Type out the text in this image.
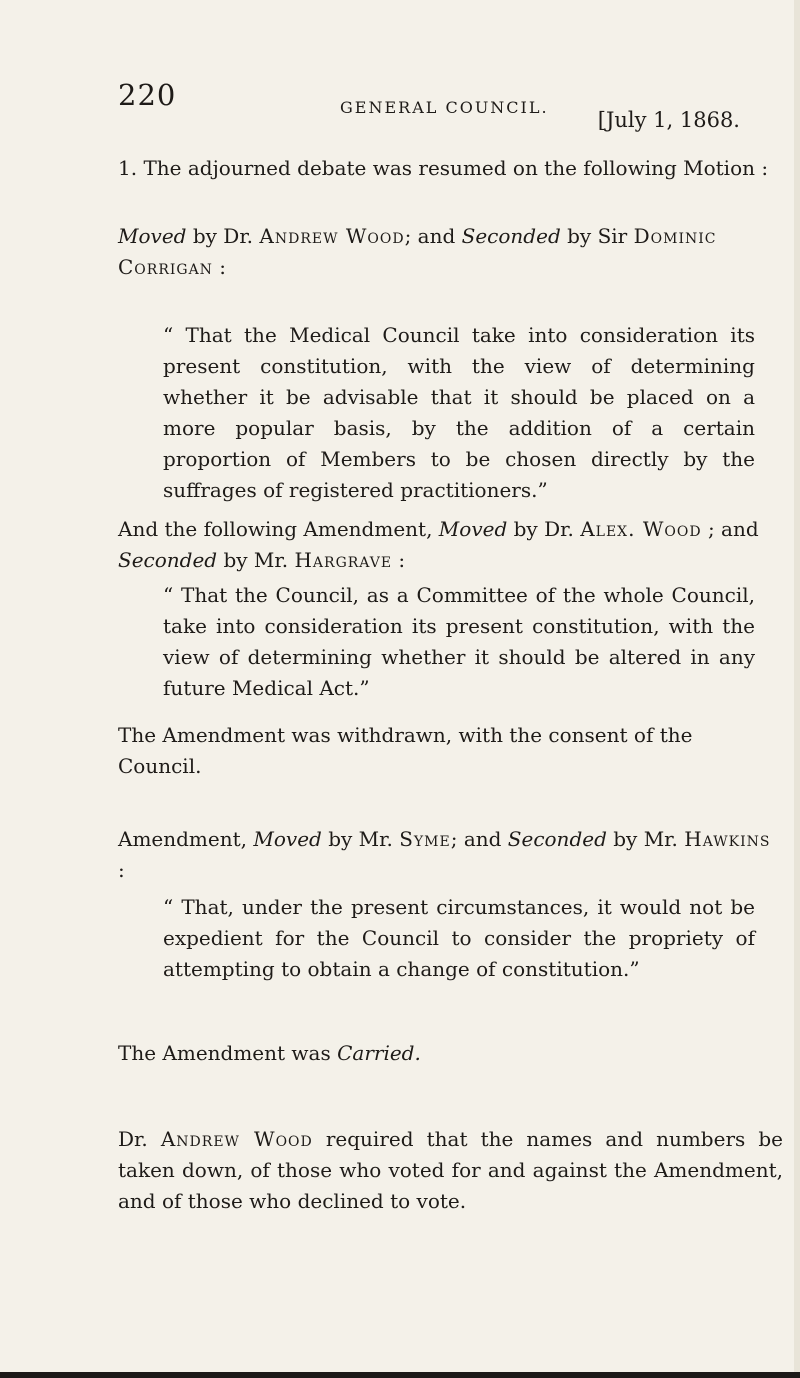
220	GENERAL COUNCIL.
[July 1, 1868.

1. The adjourned debate was resumed on the following Motion :

Moved by Dr. Andrew Wood; and Seconded by Sir Dominic Corrigan :

“ That the Medical Council take into consideration its present constitution, with the view of determining whether it be advisable that it should be placed on a more popular basis, by the addition of a certain proportion of Members to be chosen directly by the suffrages of registered practitioners.”

And the following Amendment, Moved by Dr. Alex. Wood ; and Seconded by Mr. Hargrave :

“ That the Council, as a Committee of the whole Council, take into consideration its present constitution, with the view of determining whether it should be altered in any future Medical Act.”

The Amendment was withdrawn, with the consent of the Council.

Amendment, Moved by Mr. Syme; and Seconded by Mr. Hawkins :

“ That, under the present circumstances, it would not be expedient for the Council to consider the propriety of attempting to obtain a change of constitution.”

The Amendment was Carried.

Dr. Andrew Wood required that the names and numbers be taken down, of those who voted for and against the Amendment, and of those who declined to vote.
